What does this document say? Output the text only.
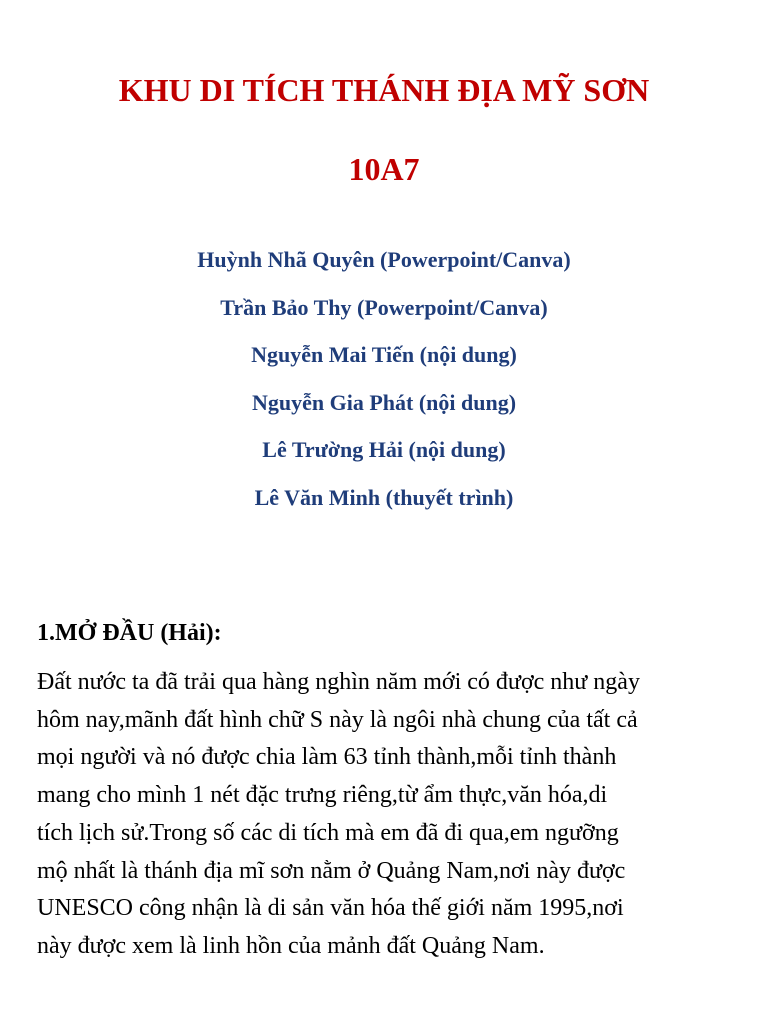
KHU DI TÍCH THÁNH ĐỊA MỸ SƠN
10A7
Huỳnh Nhã Quyên (Powerpoint/Canva)
Trần Bảo Thy (Powerpoint/Canva)
Nguyễn Mai Tiến (nội dung)
Nguyễn Gia Phát (nội dung)
Lê Trường Hải (nội dung)
Lê Văn Minh (thuyết trình)
1.MỞ ĐẦU (Hải):

Đất nước ta đã trải qua hàng nghìn năm mới có được như ngày
hôm nay,mãnh đất hình chữ S này là ngôi nhà chung của tất cả
mọi người và nó được chia làm 63 tỉnh thành,mỗi tỉnh thành
mang cho mình 1 nét đặc trưng riêng,từ ẩm thực,văn hóa,di
tích lịch sử.Trong số các di tích mà em đã đi qua,em ngưỡng
mộ nhất là thánh địa mĩ sơn nằm ở Quảng Nam,nơi này được
UNESCO công nhận là di sản văn hóa thế giới năm 1995,nơi
này được xem là linh hồn của mảnh đất Quảng Nam.
